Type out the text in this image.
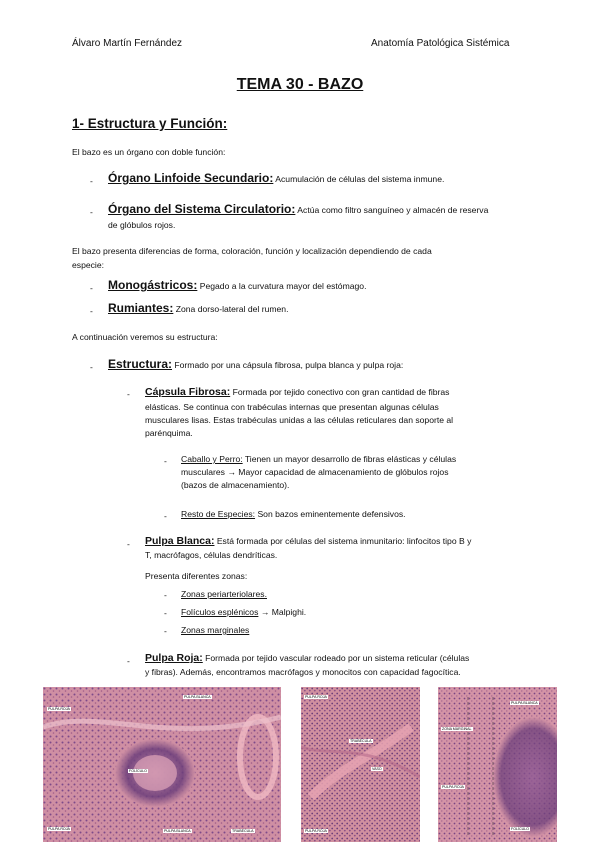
Álvaro Martín Fernández	Anatomía Patológica Sistémica
TEMA 30 - BAZO
1- Estructura y Función:
El bazo es un órgano con doble función:
- Órgano Linfoide Secundario: Acumulación de células del sistema inmune.
- Órgano del Sistema Circulatorio: Actúa como filtro sanguíneo y almacén de reserva
de glóbulos rojos.
El bazo presenta diferencias de forma, coloración, función y localización dependiendo de cada
especie:
- Monogástricos: Pegado a la curvatura mayor del estómago.
- Rumiantes: Zona dorso-lateral del rumen.
A continuación veremos su estructura:
- Estructura: Formado por una cápsula fibrosa, pulpa blanca y pulpa roja:
- Cápsula Fibrosa: Formada por tejido conectivo con gran cantidad de fibras
elásticas. Se continua con trabéculas internas que presentan algunas células
musculares lisas. Estas trabéculas unidas a las células reticulares dan soporte al
parénquima.
- Caballo y Perro: Tienen un mayor desarrollo de fibras elásticas y células
musculares → Mayor capacidad de almacenamiento de glóbulos rojos
(bazos de almacenamiento).
- Resto de Especies: Son bazos eminentemente defensivos.
- Pulpa Blanca: Está formada por células del sistema inmunitario: linfocitos tipo B y
T, macrófagos, células dendríticas.
Presenta diferentes zonas:
- Zonas periarteriolares.
- Folículos esplénicos → Malpighi.
- Zonas marginales
- Pulpa Roja: Formada por tejido vascular rodeado por un sistema reticular (células
y fibras). Además, encontramos macrófagos y monocitos con capacidad fagocítica.
PULPA ROJA
PULPA BLANCA
FOLÍCULO
PULPA ROJA	PULPA BLANCA	TRABÉCULA
PULPA ROJA
TRABÉCULA
VASO
PULPA ROJA
PULPA BLANCA
ZONA MARGINAL
PULPA ROJA
FOLÍCULO
